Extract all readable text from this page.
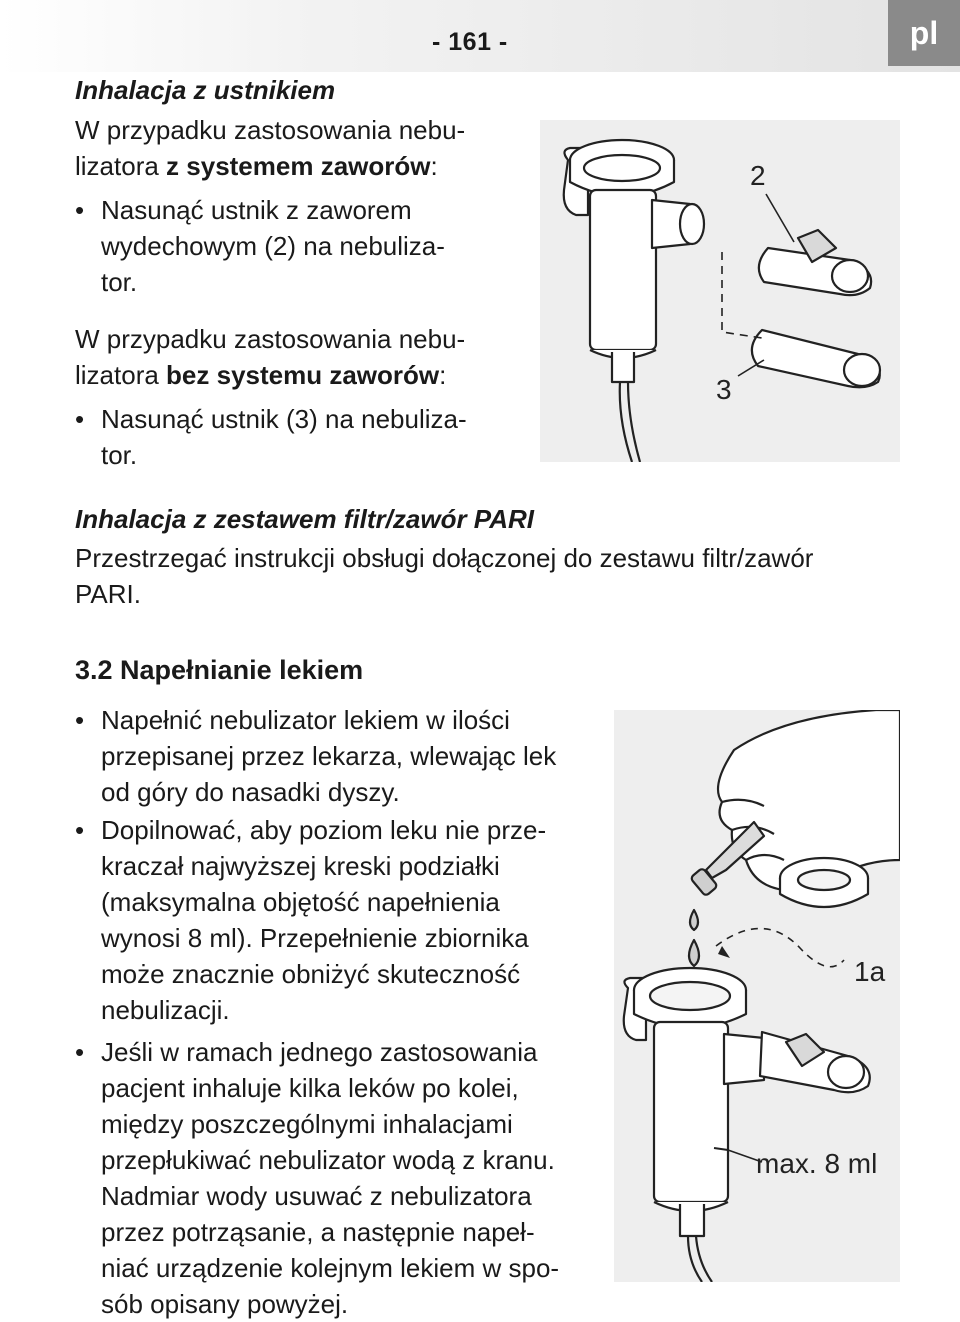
- 161 -	pl
Inhalacja z ustnikiem
W przypadku zastosowania nebu-
lizatora z systemem zaworów:
• Nasunąć ustnik z zaworem
wydechowym (2) na nebuliza-
tor.
W przypadku zastosowania nebu-
lizatora bez systemu zaworów:
• Nasunąć ustnik (3) na nebuliza-
tor.
2
3
Inhalacja z zestawem filtr/zawór PARI
Przestrzegać instrukcji obsługi dołączonej do zestawu filtr/zawór
PARI.
3.2 Napełnianie lekiem
• Napełnić nebulizator lekiem w ilości
przepisanej przez lekarza, wlewając lek
od góry do nasadki dyszy.
• Dopilnować, aby poziom leku nie prze-
kraczał najwyższej kreski podziałki
(maksymalna objętość napełnienia
wynosi 8 ml). Przepełnienie zbiornika
może znacznie obniżyć skuteczność
nebulizacji.
• Jeśli w ramach jednego zastosowania
pacjent inhaluje kilka leków po kolei,
między poszczególnymi inhalacjami
przepłukiwać nebulizator wodą z kranu.
Nadmiar wody usuwać z nebulizatora
przez potrząsanie, a następnie napeł-
niać urządzenie kolejnym lekiem w spo-
sób opisany powyżej.
1a
max. 8 ml
